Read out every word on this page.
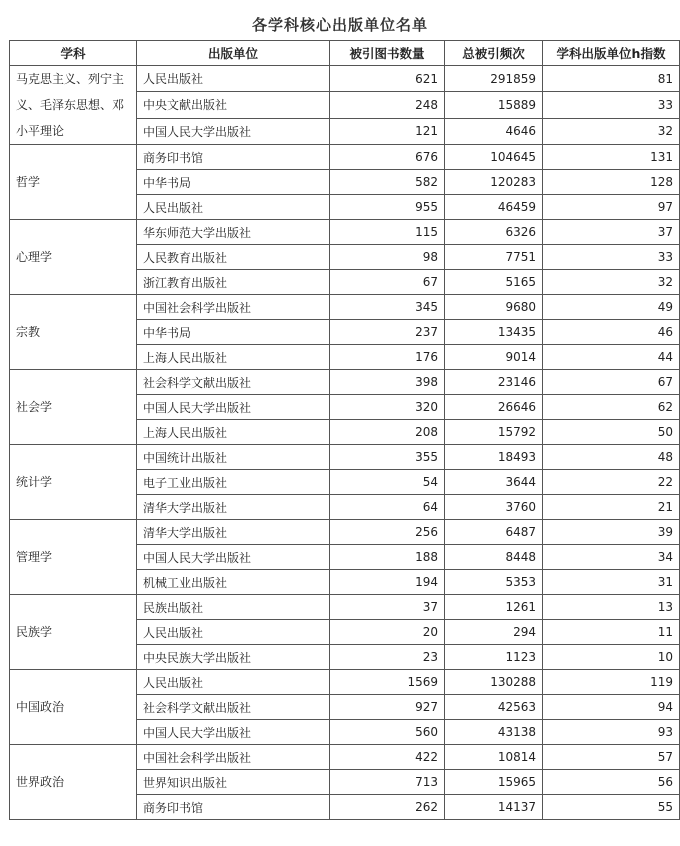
各学科核心出版单位名单
学科	出版单位	被引图书数量	总被引频次	学科出版单位h指数
马克思主义、列宁主义、毛泽东思想、邓小平理论	人民出版社	621	291859	81
	中央文献出版社	248	15889	33
	中国人民大学出版社	121	4646	32
哲学	商务印书馆	676	104645	131
	中华书局	582	120283	128
	人民出版社	955	46459	97
心理学	华东师范大学出版社	115	6326	37
	人民教育出版社	98	7751	33
	浙江教育出版社	67	5165	32
宗教	中国社会科学出版社	345	9680	49
	中华书局	237	13435	46
	上海人民出版社	176	9014	44
社会学	社会科学文献出版社	398	23146	67
	中国人民大学出版社	320	26646	62
	上海人民出版社	208	15792	50
统计学	中国统计出版社	355	18493	48
	电子工业出版社	54	3644	22
	清华大学出版社	64	3760	21
管理学	清华大学出版社	256	6487	39
	中国人民大学出版社	188	8448	34
	机械工业出版社	194	5353	31
民族学	民族出版社	37	1261	13
	人民出版社	20	294	11
	中央民族大学出版社	23	1123	10
中国政治	人民出版社	1569	130288	119
	社会科学文献出版社	927	42563	94
	中国人民大学出版社	560	43138	93
世界政治	中国社会科学出版社	422	10814	57
	世界知识出版社	713	15965	56
	商务印书馆	262	14137	55
